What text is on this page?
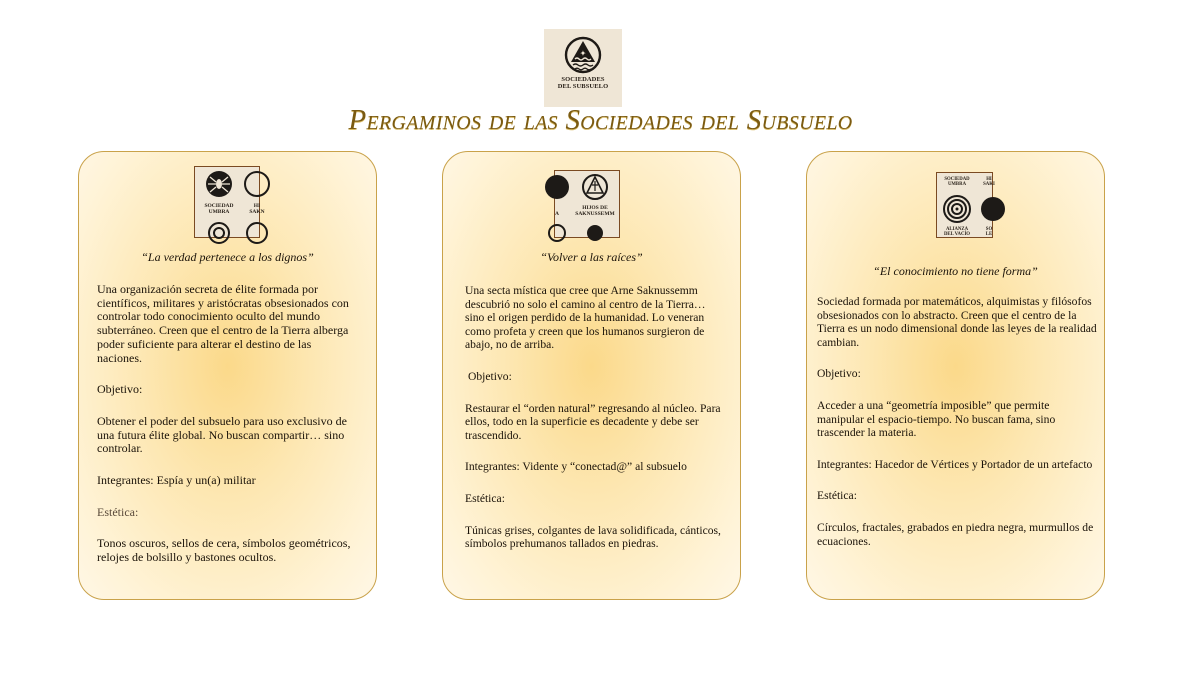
✦
SOCIEDADES
DEL SUBSUELO
Pergaminos de las Sociedades del Subsuelo
SOCIEDAD
UMBRA
HI
SAKN
“La verdad pertenece a los dignos”

Una organización secreta de élite formada por científicos, militares y aristócratas obsesionados con controlar todo conocimiento oculto del mundo subterráneo. Creen que el centro de la Tierra alberga poder suficiente para alterar el destino de las naciones.

Objetivo:

Obtener el poder del subsuelo para uso exclusivo de una futura élite global. No buscan compartir… sino controlar.

Integrantes: Espía y un(a) militar

Estética:

Tonos oscuros, sellos de cera, símbolos geométricos, relojes de bolsillo y bastones ocultos.

HIJOS DE
SAKNUSSEMM
A
“Volver a las raíces”

Una secta mística que cree que Arne Saknussemm descubrió no solo el camino al centro de la Tierra… sino el origen perdido de la humanidad. Lo veneran como profeta y creen que los humanos surgieron de abajo, no de arriba.

Objetivo:

Restaurar el “orden natural” regresando al núcleo. Para ellos, todo en la superficie es decadente y debe ser trascendido.

Integrantes: Vidente y “conectad@” al subsuelo

Estética:

Túnicas grises, colgantes de lava solidificada, cánticos, símbolos prehumanos tallados en piedras.

SOCIEDAD
UMBRA
HI
SAKI
ALIANZA
DEL VACÍO
SO
LE
“El conocimiento no tiene forma”

Sociedad formada por matemáticos, alquimistas y filósofos obsesionados con lo abstracto. Creen que el centro de la Tierra es un nodo dimensional donde las leyes de la realidad cambian.

Objetivo:

Acceder a una “geometría imposible” que permite manipular el espacio-tiempo. No buscan fama, sino trascender la materia.

Integrantes: Hacedor de Vértices y Portador de un artefacto

Estética:

Círculos, fractales, grabados en piedra negra, murmullos de ecuaciones.
